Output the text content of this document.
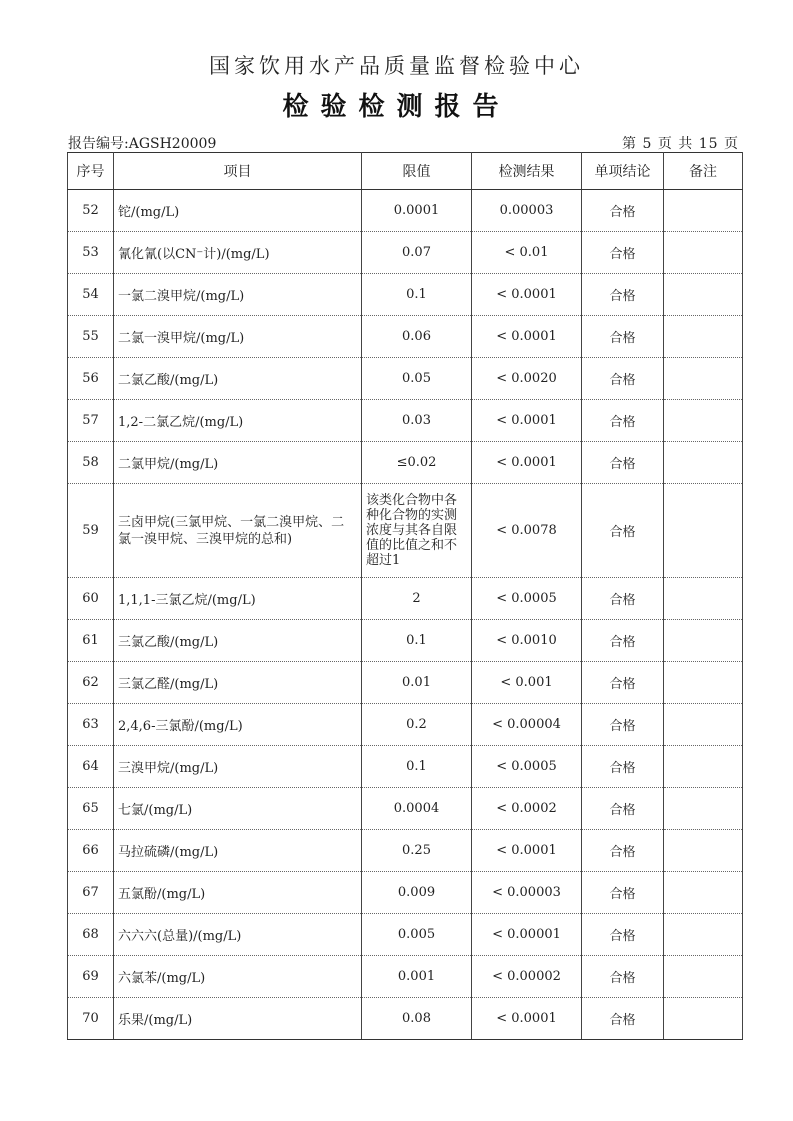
国家饮用水产品质量监督检验中心
检验检测报告
报告编号:AGSH20009	第 5 页 共 15 页
序号	项目	限值	检测结果	单项结论	备注
52	铊/(mg/L)	0.0001	0.00003	合格	
53	氰化氰(以CN⁻计)/(mg/L)	0.07	< 0.01	合格	
54	一氯二溴甲烷/(mg/L)	0.1	< 0.0001	合格	
55	二氯一溴甲烷/(mg/L)	0.06	< 0.0001	合格	
56	二氯乙酸/(mg/L)	0.05	< 0.0020	合格	
57	1,2-二氯乙烷/(mg/L)	0.03	< 0.0001	合格	
58	二氯甲烷/(mg/L)	≤0.02	< 0.0001	合格	
59	三卤甲烷(三氯甲烷、一氯二溴甲烷、二氯一溴甲烷、三溴甲烷的总和)	该类化合物中各种化合物的实测浓度与其各自限值的比值之和不超过1	< 0.0078	合格	
60	1,1,1-三氯乙烷/(mg/L)	2	< 0.0005	合格	
61	三氯乙酸/(mg/L)	0.1	< 0.0010	合格	
62	三氯乙醛/(mg/L)	0.01	< 0.001	合格	
63	2,4,6-三氯酚/(mg/L)	0.2	< 0.00004	合格	
64	三溴甲烷/(mg/L)	0.1	< 0.0005	合格	
65	七氯/(mg/L)	0.0004	< 0.0002	合格	
66	马拉硫磷/(mg/L)	0.25	< 0.0001	合格	
67	五氯酚/(mg/L)	0.009	< 0.00003	合格	
68	六六六(总量)/(mg/L)	0.005	< 0.00001	合格	
69	六氯苯/(mg/L)	0.001	< 0.00002	合格	
70	乐果/(mg/L)	0.08	< 0.0001	合格	
